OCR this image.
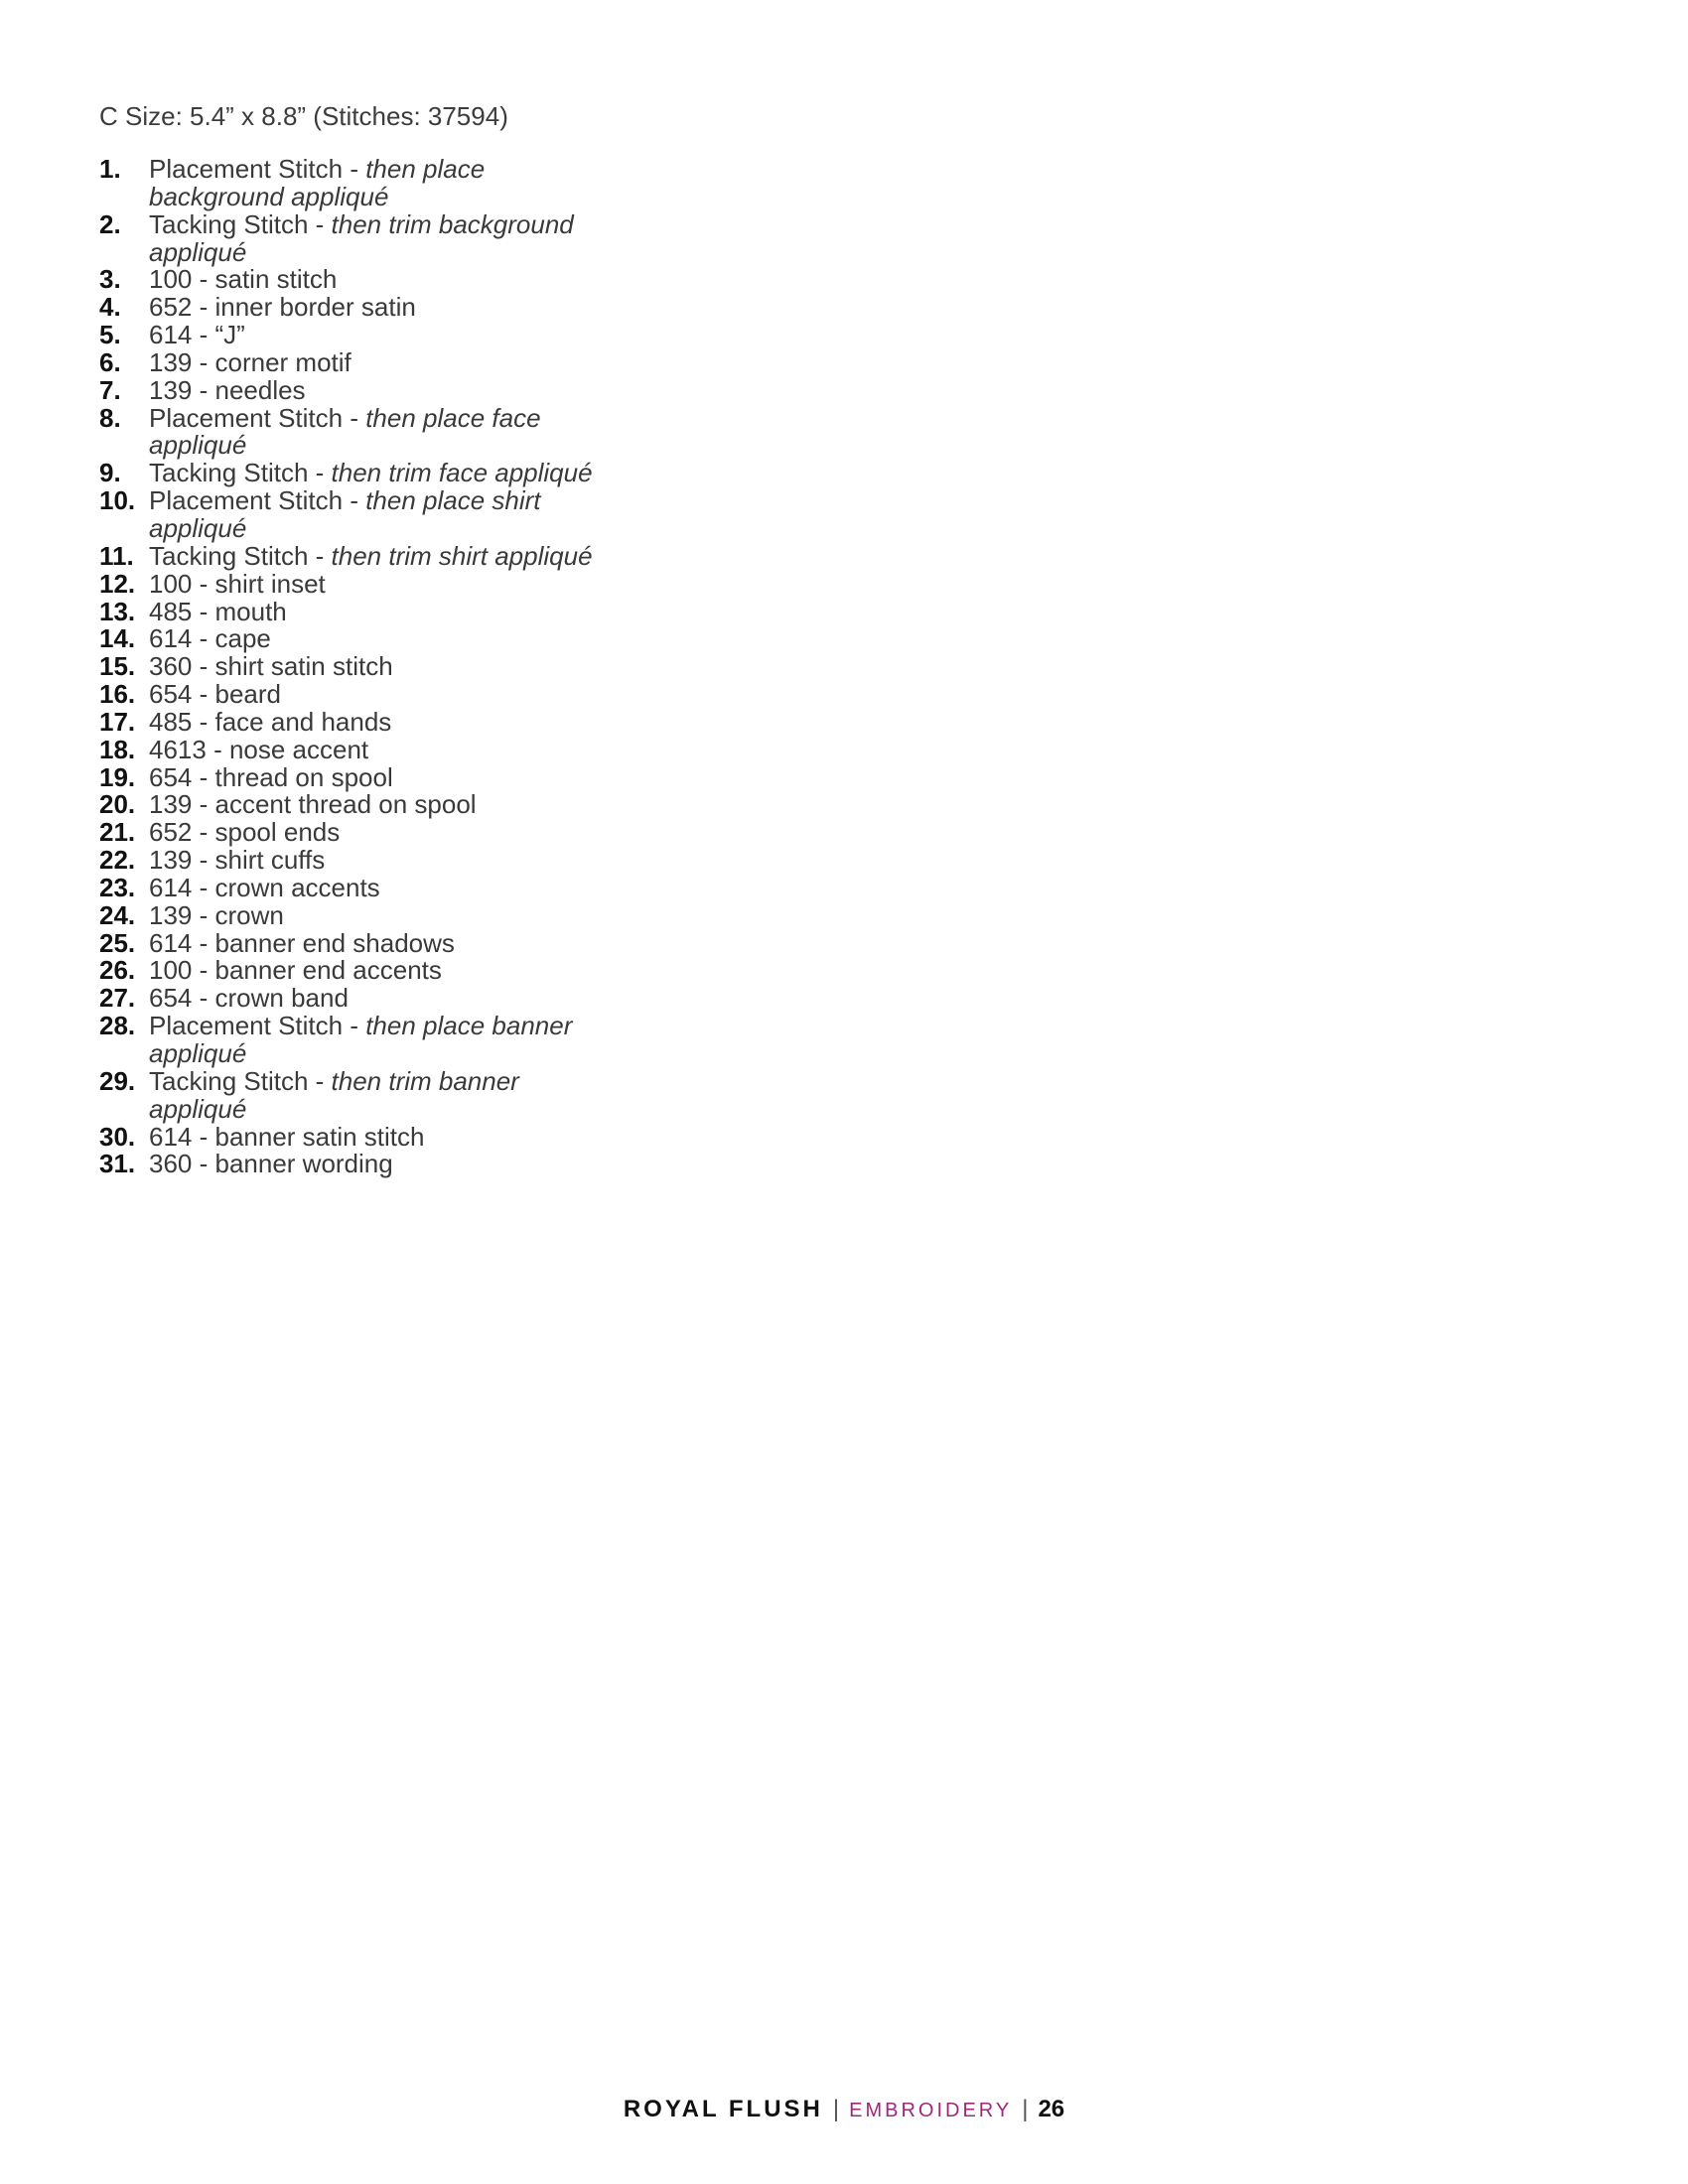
C Size: 5.4” x 8.8” (Stitches: 37594)
1.	Placement Stitch - then place background appliqué
2.	Tacking Stitch - then trim background appliqué
3.	100 - satin stitch
4.	652 - inner border satin
5.	614 - “J”
6.	139 - corner motif
7.	139 - needles
8.	Placement Stitch - then place face appliqué
9.	Tacking Stitch - then trim face appliqué
10. Placement Stitch - then place shirt appliqué
11. Tacking Stitch - then trim shirt appliqué
12. 100 - shirt inset
13. 485 - mouth
14. 614 - cape
15. 360 - shirt satin stitch
16. 654 - beard
17. 485 - face and hands
18. 4613 - nose accent
19. 654 - thread on spool
20. 139 - accent thread on spool
21. 652 - spool ends
22. 139 - shirt cuffs
23. 614 - crown accents
24. 139 - crown
25. 614 - banner end shadows
26. 100 - banner end accents
27. 654 - crown band
28. Placement Stitch - then place banner appliqué
29. Tacking Stitch - then trim banner appliqué
30. 614 - banner satin stitch
31. 360 - banner wording
ROYAL FLUSH | EMBROIDERY | 26
